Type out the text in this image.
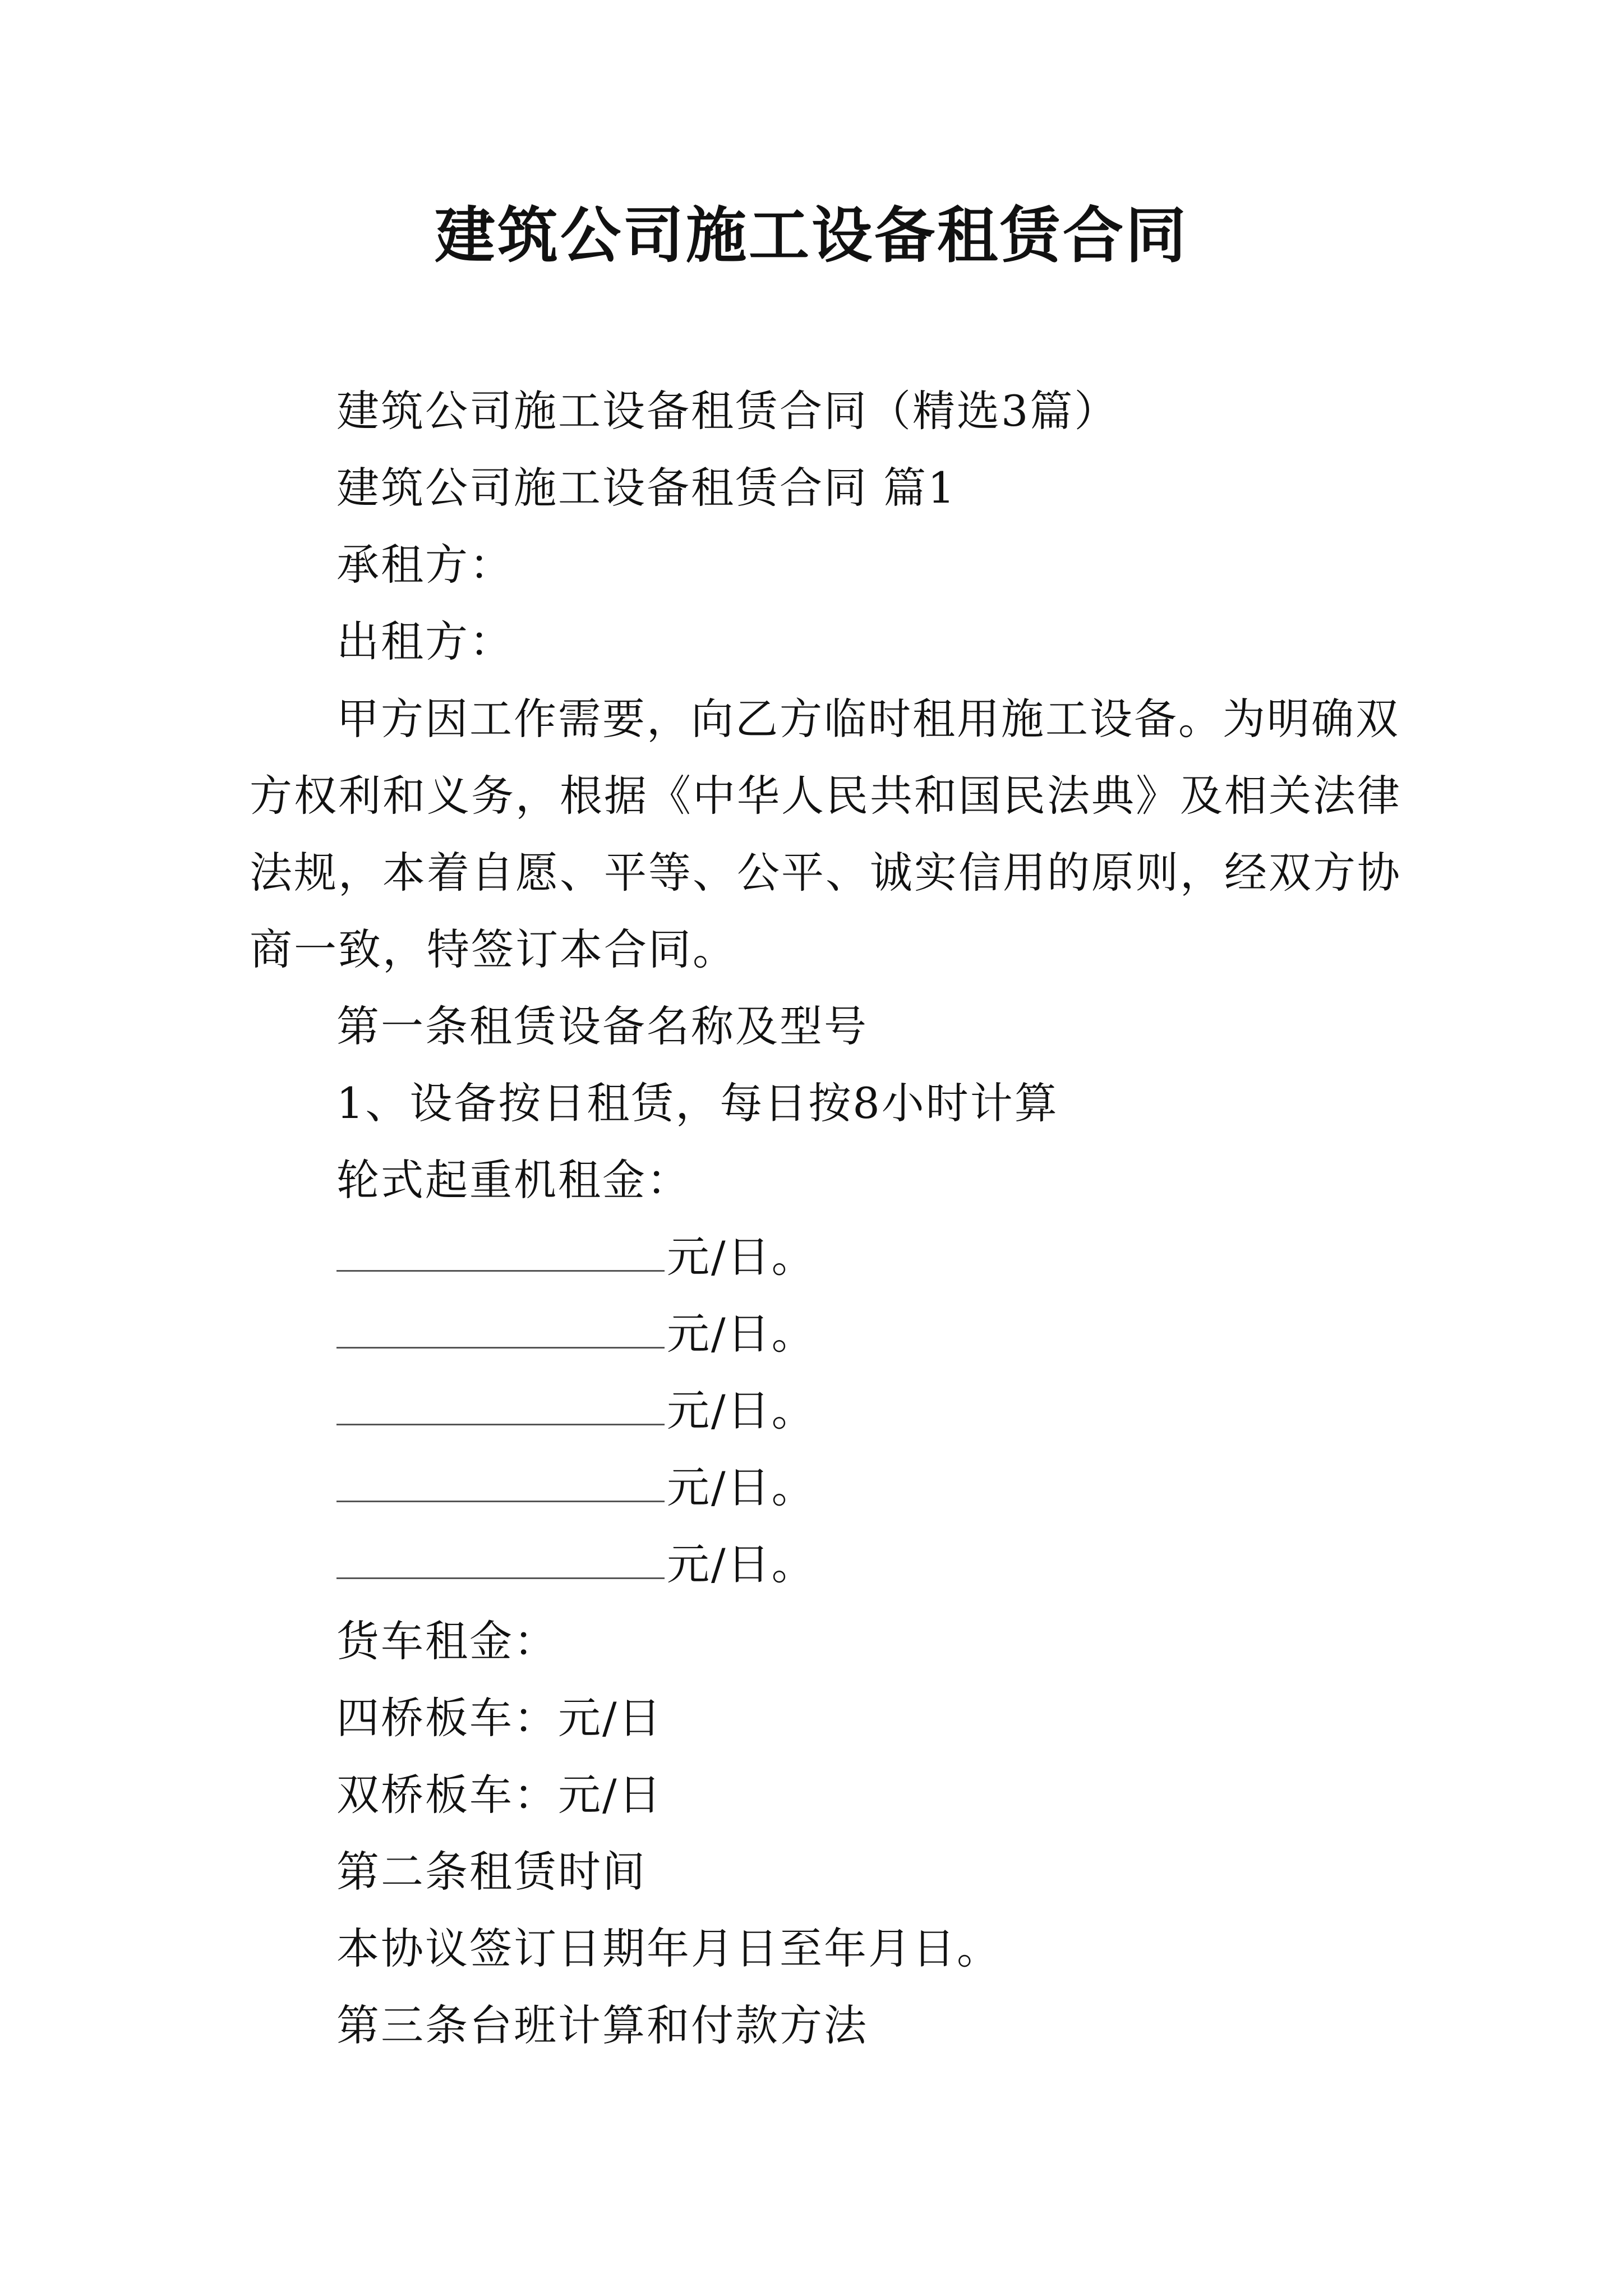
建筑公司施工设备租赁合同
建筑公司施工设备租赁合同（精选3篇）
建筑公司施工设备租赁合同 篇1
承租方：
出租方：
甲方因工作需要，向乙方临时租用施工设备。为明确双
方权利和义务，根据《中华人民共和国民法典》及相关法律
法规，本着自愿、平等、公平、诚实信用的原则，经双方协
商一致，特签订本合同。
第一条租赁设备名称及型号
1、设备按日租赁，每日按8小时计算
轮式起重机租金：
元/日。
元/日。
元/日。
元/日。
元/日。
货车租金：
四桥板车：元/日
双桥板车：元/日
第二条租赁时间
本协议签订日期年月日至年月日。
第三条台班计算和付款方法
